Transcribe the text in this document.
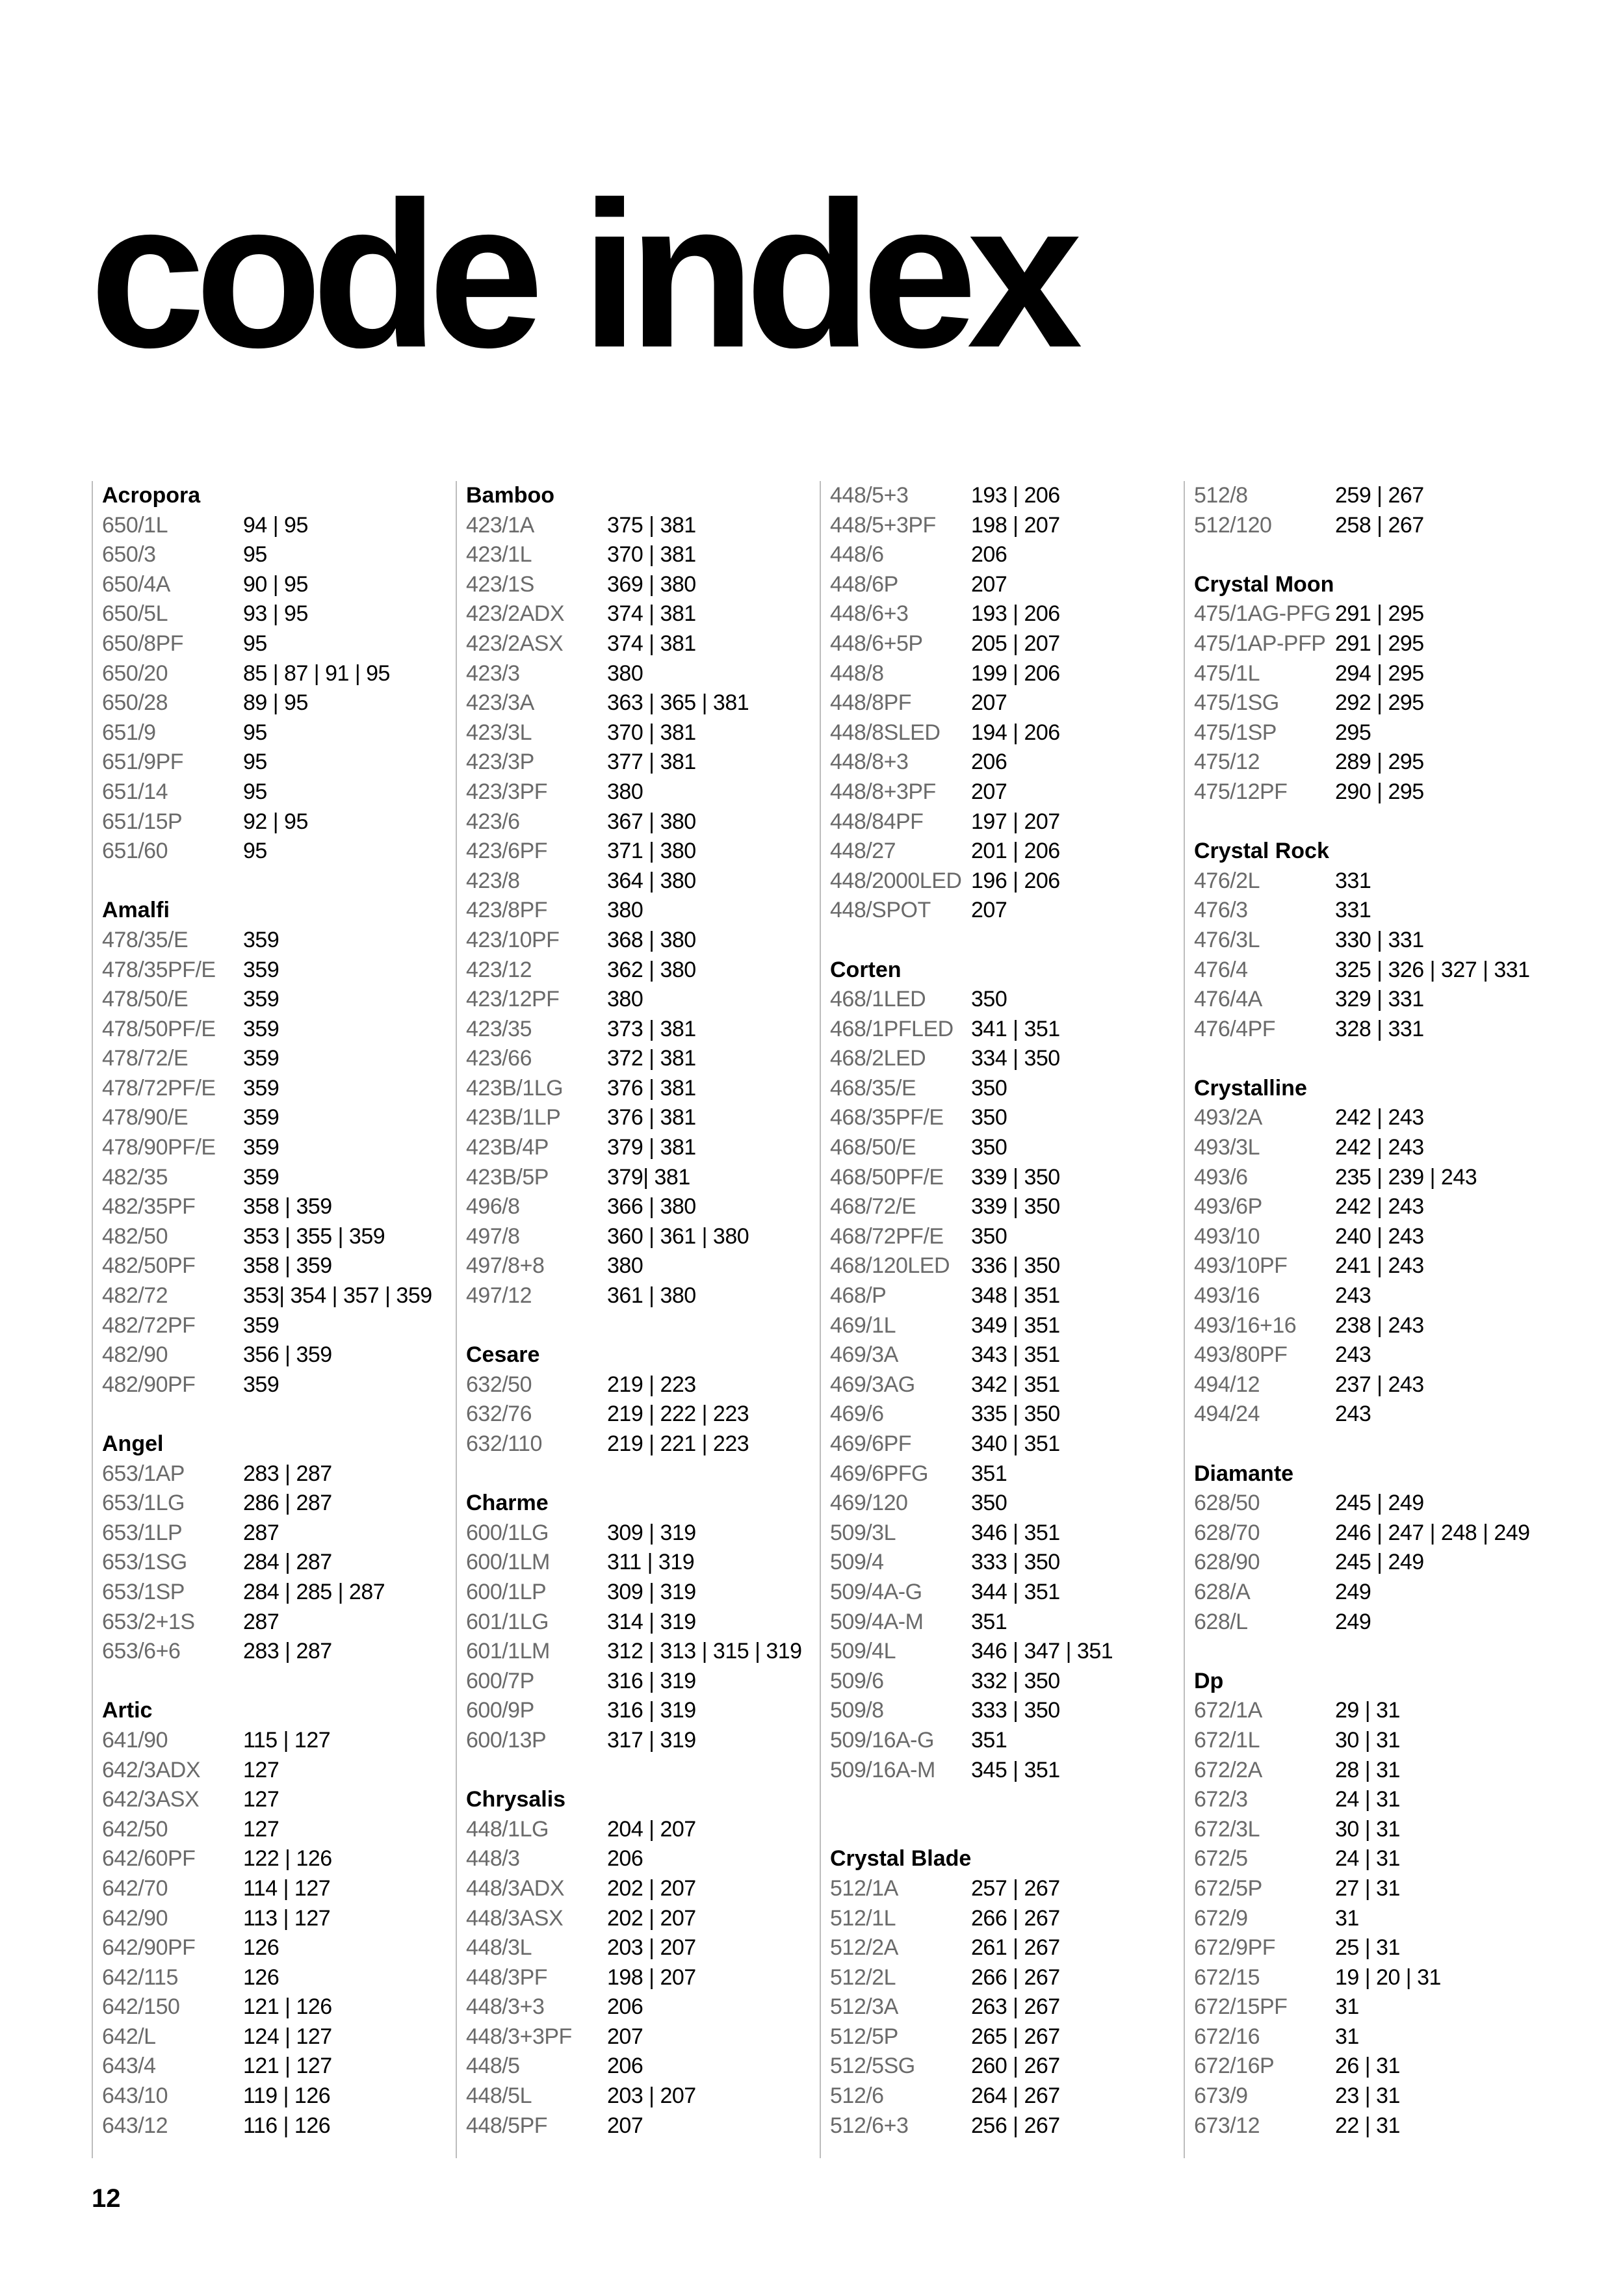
code index
Acropora
650/1L	94 | 95
650/3	95
650/4A	90 | 95
650/5L	93 | 95
650/8PF	95
650/20	85 | 87 | 91 | 95
650/28	89 | 95
651/9	95
651/9PF	95
651/14	95
651/15P	92 | 95
651/60	95
Amalfi
478/35/E	359
478/35PF/E	359
478/50/E	359
478/50PF/E	359
478/72/E	359
478/72PF/E	359
478/90/E	359
478/90PF/E	359
482/35	359
482/35PF	358 | 359
482/50	353 | 355 | 359
482/50PF	358 | 359
482/72	353| 354 | 357 | 359
482/72PF	359
482/90	356 | 359
482/90PF	359
Angel
653/1AP	283 | 287
653/1LG	286 | 287
653/1LP	287
653/1SG	284 | 287
653/1SP	284 | 285 | 287
653/2+1S	287
653/6+6	283 | 287
Artic
641/90	115 | 127
642/3ADX	127
642/3ASX	127
642/50	127
642/60PF	122 | 126
642/70	114 | 127
642/90	113 | 127
642/90PF	126
642/115	126
642/150	121 | 126
642/L	124 | 127
643/4	121 | 127
643/10	119 | 126
643/12	116 | 126
Bamboo
423/1A	375 | 381
423/1L	370 | 381
423/1S	369 | 380
423/2ADX	374 | 381
423/2ASX	374 | 381
423/3	380
423/3A	363 | 365 | 381
423/3L	370 | 381
423/3P	377 | 381
423/3PF	380
423/6	367 | 380
423/6PF	371 | 380
423/8	364 | 380
423/8PF	380
423/10PF	368 | 380
423/12	362 | 380
423/12PF	380
423/35	373 | 381
423/66	372 | 381
423B/1LG	376 | 381
423B/1LP	376 | 381
423B/4P	379 | 381
423B/5P	379| 381
496/8	366 | 380
497/8	360 | 361 | 380
497/8+8	380
497/12	361 | 380
Cesare
632/50	219 | 223
632/76	219 | 222 | 223
632/110	219 | 221 | 223
Charme
600/1LG	309 | 319
600/1LM	311 | 319
600/1LP	309 | 319
601/1LG	314 | 319
601/1LM	312 | 313 | 315 | 319
600/7P	316 | 319
600/9P	316 | 319
600/13P	317 | 319
Chrysalis
448/1LG	204 | 207
448/3	206
448/3ADX	202 | 207
448/3ASX	202 | 207
448/3L	203 | 207
448/3PF	198 | 207
448/3+3	206
448/3+3PF	207
448/5	206
448/5L	203 | 207
448/5PF	207
448/5+3	193 | 206
448/5+3PF	198 | 207
448/6	206
448/6P	207
448/6+3	193 | 206
448/6+5P	205 | 207
448/8	199 | 206
448/8PF	207
448/8SLED	194 | 206
448/8+3	206
448/8+3PF	207
448/84PF	197 | 207
448/27	201 | 206
448/2000LED 196 | 206
448/SPOT	207
Corten
468/1LED	350
468/1PFLED 341 | 351
468/2LED	334 | 350
468/35/E	350
468/35PF/E	350
468/50/E	350
468/50PF/E	339 | 350
468/72/E	339 | 350
468/72PF/E	350
468/120LED 336 | 350
468/P	348 | 351
469/1L	349 | 351
469/3A	343 | 351
469/3AG	342 | 351
469/6	335 | 350
469/6PF	340 | 351
469/6PFG	351
469/120	350
509/3L	346 | 351
509/4	333 | 350
509/4A-G	344 | 351
509/4A-M	351
509/4L	346 | 347 | 351
509/6	332 | 350
509/8	333 | 350
509/16A-G	351
509/16A-M	345 | 351
Crystal Blade
512/1A	257 | 267
512/1L	266 | 267
512/2A	261 | 267
512/2L	266 | 267
512/3A	263 | 267
512/5P	265 | 267
512/5SG	260 | 267
512/6	264 | 267
512/6+3	256 | 267
512/8	259 | 267
512/120	258 | 267
Crystal Moon
475/1AG-PFG 291 | 295
475/1AP-PFP 291 | 295
475/1L	294 | 295
475/1SG	292 | 295
475/1SP	295
475/12	289 | 295
475/12PF	290 | 295
Crystal Rock
476/2L	331
476/3	331
476/3L	330 | 331
476/4	325 | 326 | 327 | 331
476/4A	329 | 331
476/4PF	328 | 331
Crystalline
493/2A	242 | 243
493/3L	242 | 243
493/6	235 | 239 | 243
493/6P	242 | 243
493/10	240 | 243
493/10PF	241 | 243
493/16	243
493/16+16	238 | 243
493/80PF	243
494/12	237 | 243
494/24	243
Diamante
628/50	245 | 249
628/70	246 | 247 | 248 | 249
628/90	245 | 249
628/A	249
628/L	249
Dp
672/1A	29 | 31
672/1L	30 | 31
672/2A	28 | 31
672/3	24 | 31
672/3L	30 | 31
672/5	24 | 31
672/5P	27 | 31
672/9	31
672/9PF	25 | 31
672/15	19 | 20 | 31
672/15PF	31
672/16	31
672/16P	26 | 31
673/9	23 | 31
673/12	22 | 31
12
